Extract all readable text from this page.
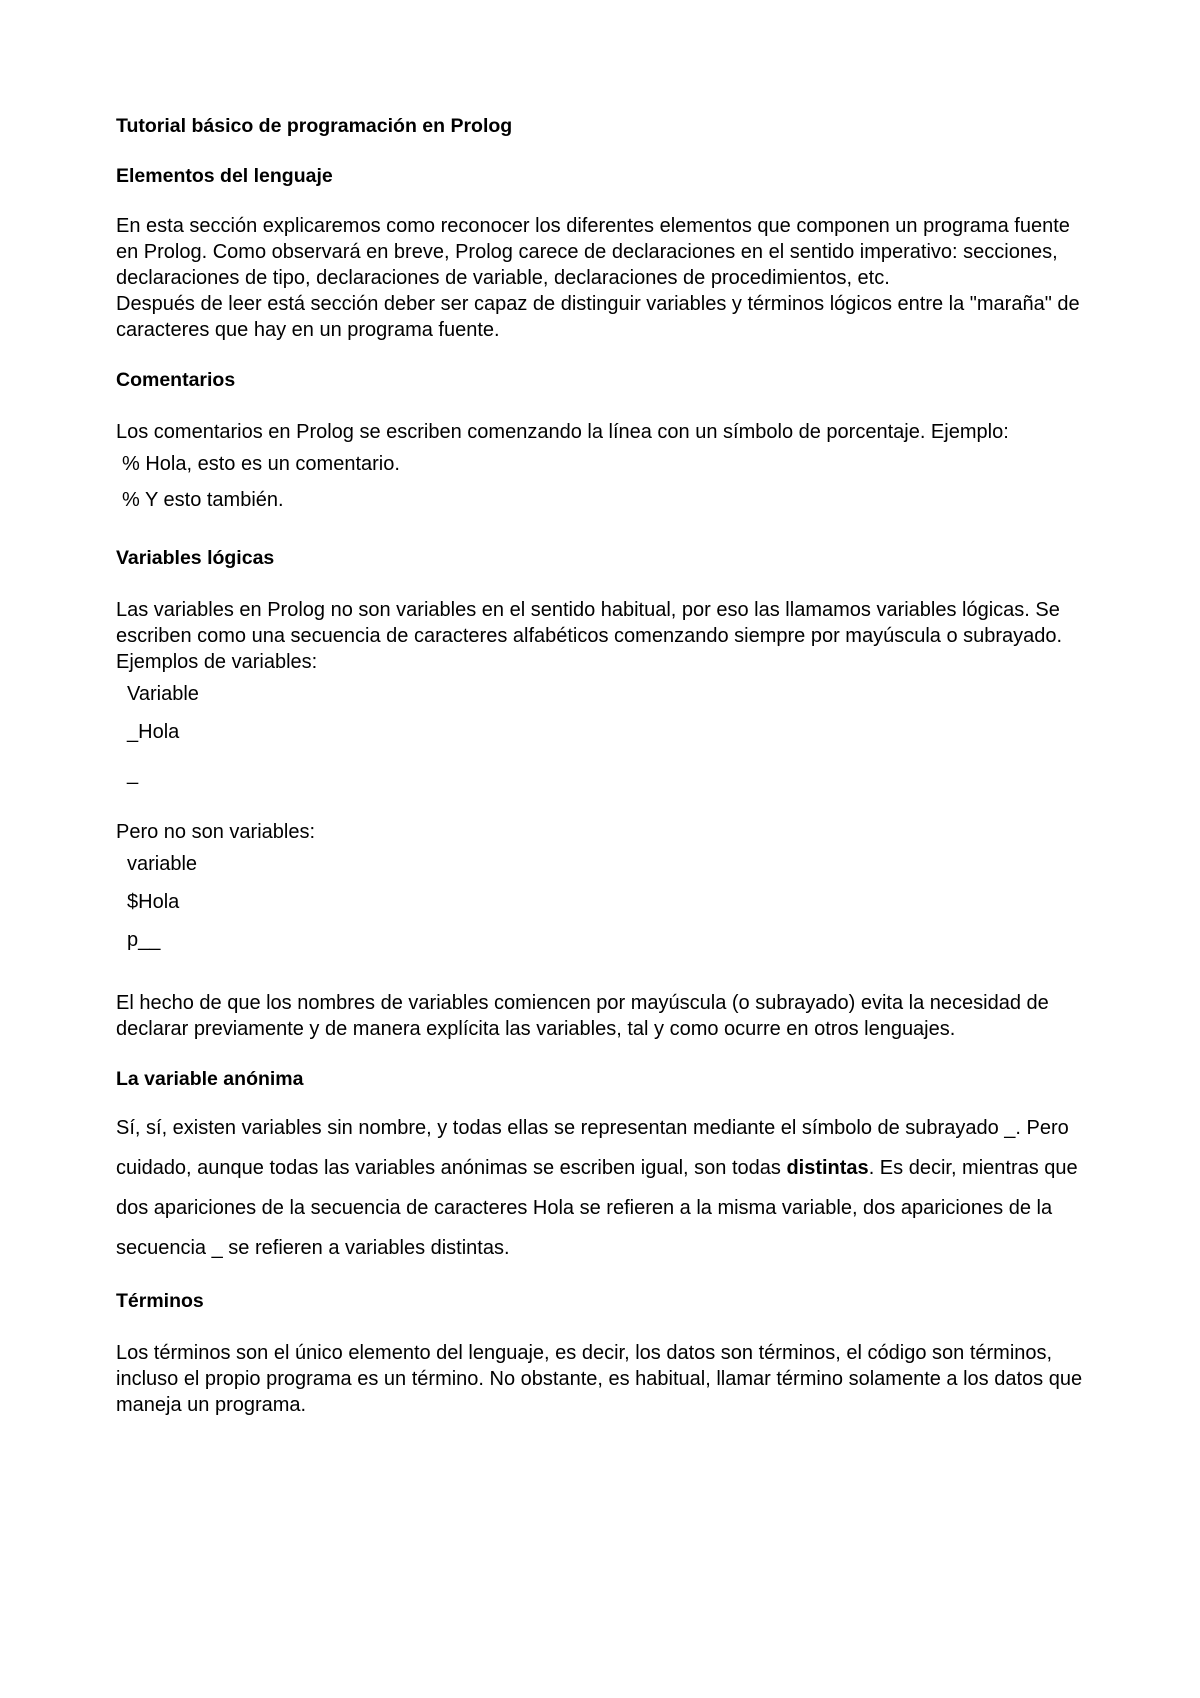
Tutorial básico de programación en Prolog

Elementos del lenguaje

En esta sección explicaremos como reconocer los diferentes elementos que componen un programa fuente en Prolog. Como observará en breve, Prolog carece de declaraciones en el sentido imperativo: secciones, declaraciones de tipo, declaraciones de variable, declaraciones de procedimientos, etc.

Después de leer está sección deber ser capaz de distinguir variables y términos lógicos entre la "maraña" de caracteres que hay en un programa fuente.

Comentarios

Los comentarios en Prolog se escriben comenzando la línea con un símbolo de porcentaje. Ejemplo:

% Hola, esto es un comentario.

% Y esto también.

Variables lógicas

Las variables en Prolog no son variables en el sentido habitual, por eso las llamamos variables lógicas. Se escriben como una secuencia de caracteres alfabéticos comenzando siempre por mayúscula o subrayado. Ejemplos de variables:

Variable

_Hola

_

Pero no son variables:

variable

$Hola

p__

El hecho de que los nombres de variables comiencen por mayúscula (o subrayado) evita la necesidad de declarar previamente y de manera explícita las variables, tal y como ocurre en otros lenguajes.

La variable anónima

Sí, sí, existen variables sin nombre, y todas ellas se representan mediante el símbolo de subrayado _. Pero cuidado, aunque todas las variables anónimas se escriben igual, son todas distintas. Es decir, mientras que dos apariciones de la secuencia de caracteres Hola se refieren a la misma variable, dos apariciones de la secuencia _ se refieren a variables distintas.

Términos

Los términos son el único elemento del lenguaje, es decir, los datos son términos, el código son términos, incluso el propio programa es un término. No obstante, es habitual, llamar término solamente a los datos que maneja un programa.
